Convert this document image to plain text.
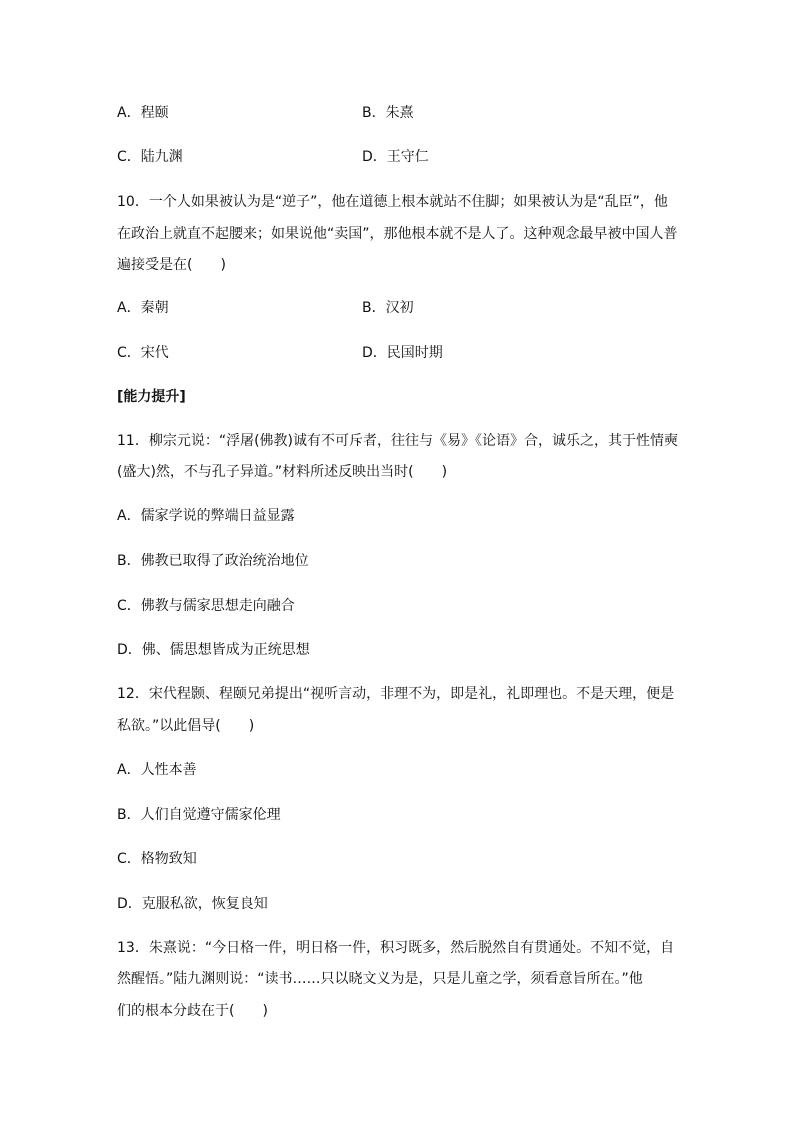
A．程颐	B．朱熹
C．陆九渊	D．王守仁
10．一个人如果被认为是“逆子”，他在道德上根本就站不住脚；如果被认为是“乱臣”，他
在政治上就直不起腰来；如果说他“卖国”，那他根本就不是人了。这种观念最早被中国人普
遍接受是在(　　)
A．秦朝	B．汉初
C．宋代	D．民国时期
[能力提升]
11．柳宗元说：“浮屠(佛教)诚有不可斥者，往往与《易》《论语》合，诚乐之，其于性情奭
(盛大)然，不与孔子异道。”材料所述反映出当时(　　)
A．儒家学说的弊端日益显露
B．佛教已取得了政治统治地位
C．佛教与儒家思想走向融合
D．佛、儒思想皆成为正统思想
12．宋代程颢、程颐兄弟提出“视听言动，非理不为，即是礼，礼即理也。不是天理，便是
私欲。”以此倡导(　　)
A．人性本善
B．人们自觉遵守儒家伦理
C．格物致知
D．克服私欲，恢复良知
13．朱熹说：“今日格一件，明日格一件，积习既多，然后脱然自有贯通处。不知不觉，自
然醒悟。”陆九渊则说：“读书……只以晓文义为是，只是儿童之学，须看意旨所在。”他
们的根本分歧在于(　　)
